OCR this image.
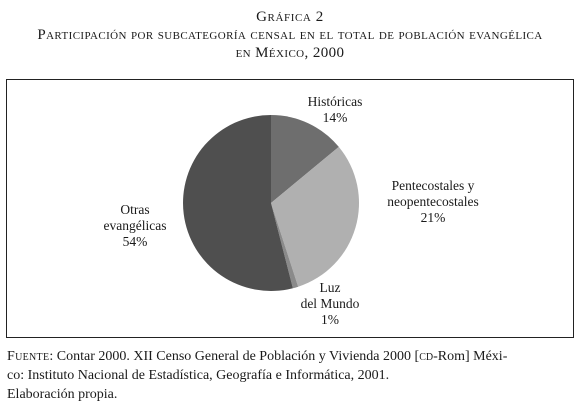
Gráfica 2
Participación por subcategoría censal en el total de población evangélica
en México, 2000
Históricas 14%
Pentecostales y neopentecostales 21%
Luz del Mundo 1%
Otras evangélicas 54%
Fuente: Contar 2000. XII Censo General de Población y Vivienda 2000 [cd-Rom] Méxi-
co: Instituto Nacional de Estadística, Geografía e Informática, 2001.
Elaboración propia.
